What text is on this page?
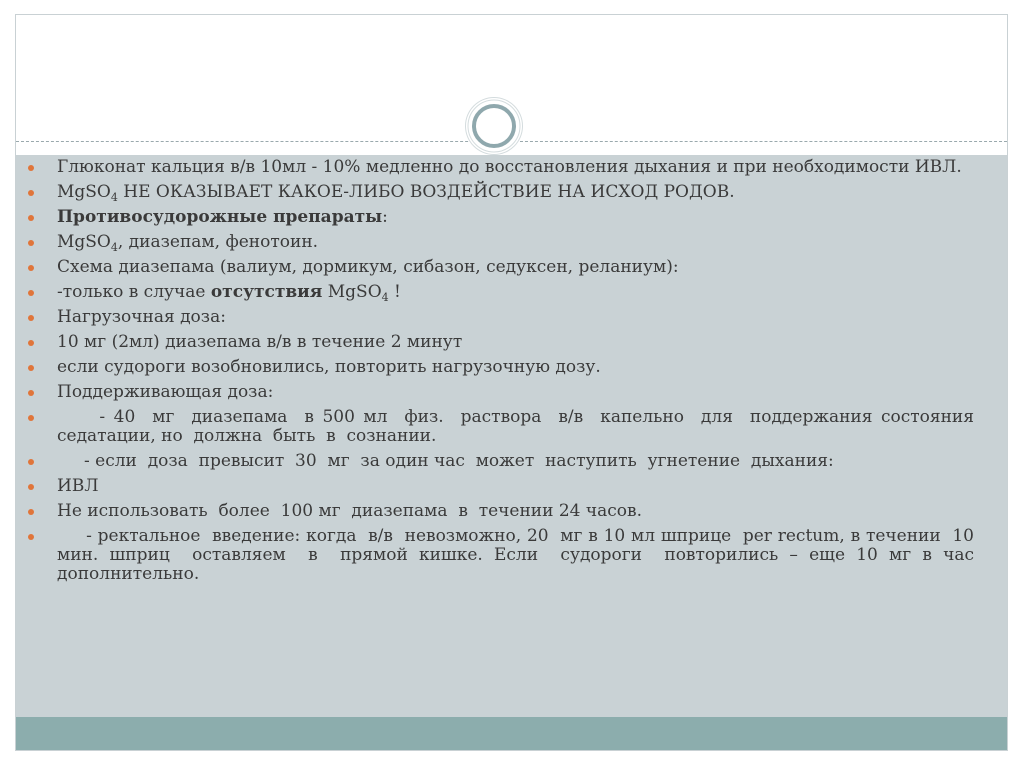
Глюконат кальция в/в 10мл - 10% медленно до восстановления дыхания и при необходимости ИВЛ.
MgSO$_4$ НЕ ОКАЗЫВАЕТ КАКОЕ-ЛИБО ВОЗДЕЙСТВИЕ НА ИСХОД РОДОВ.
Противосудорожные препараты:
MgSO$_4$, диазепам, фенотоин.
Схема диазепама (валиум, дормикум, сибазон, седуксен, реланиум):
-только в случае отсутствия MgSO$_4$ !
Нагрузочная доза:
10 мг (2мл) диазепама в/в в течение 2 минут
если судороги возобновились, повторить нагрузочную дозу.
Поддерживающая доза:
- 40  мг  диазепама  в 500 мл  физ.  раствора  в/в  капельно  для  поддержания состояния  седатации, но  должна  быть  в  сознании.
- если  доза  превысит  30  мг  за один час  может  наступить  угнетение  дыхания:
ИВЛ
Не использовать  более  100 мг  диазепама  в  течении 24 часов.
- ректальное  введение: когда  в/в  невозможно, 20  мг в 10 мл шприце  per rectum, в течении  10  мин. шприц  оставляем  в  прямой кишке. Если  судороги  повторились – еще 10 мг в час  дополнительно.
